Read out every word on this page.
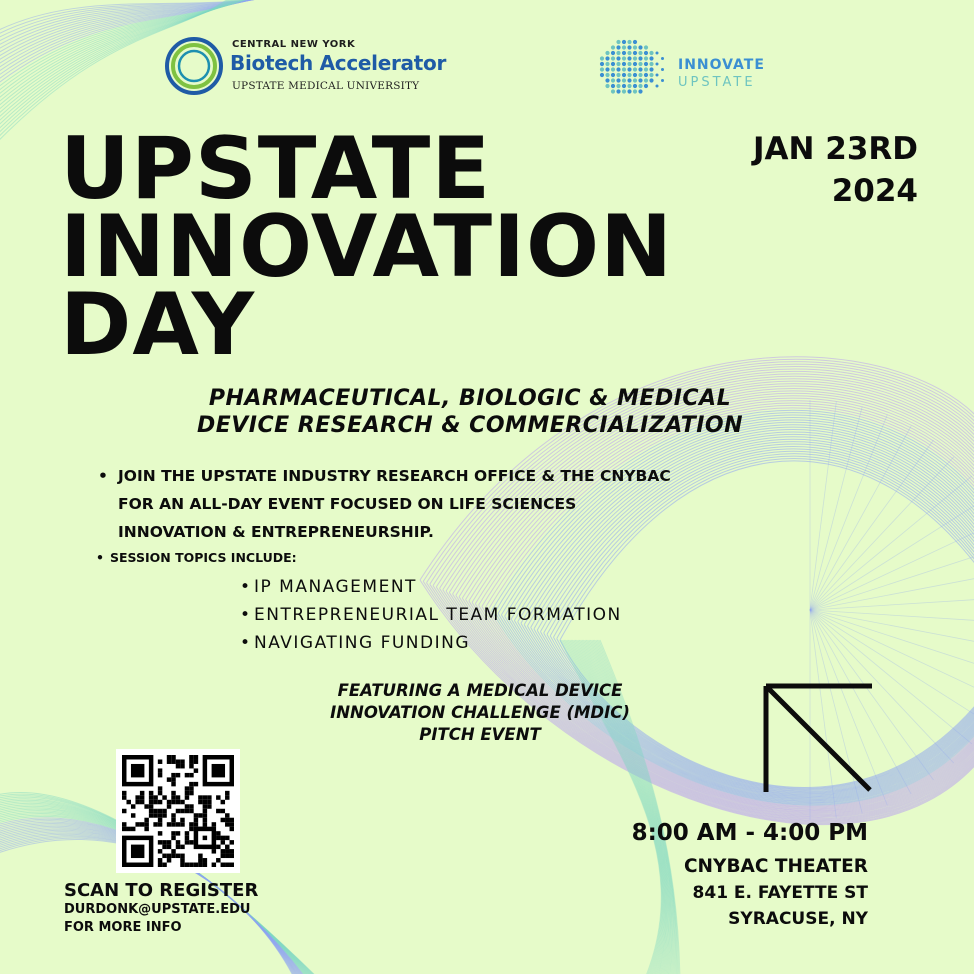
CENTRAL NEW YORK
Biotech Accelerator
UPSTATE MEDICAL UNIVERSITY
INNOVATE
UPSTATE
UPSTATE
INNOVATION
DAY
JAN 23RD
2024
PHARMACEUTICAL, BIOLOGIC & MEDICAL
DEVICE RESEARCH & COMMERCIALIZATION
• JOIN THE UPSTATE INDUSTRY RESEARCH OFFICE & THE CNYBAC
FOR AN ALL-DAY EVENT FOCUSED ON LIFE SCIENCES
INNOVATION & ENTREPRENEURSHIP.
• SESSION TOPICS INCLUDE:
• IP MANAGEMENT
• ENTREPRENEURIAL TEAM FORMATION
• NAVIGATING FUNDING
FEATURING A MEDICAL DEVICE
INNOVATION CHALLENGE (MDIC)
PITCH EVENT
SCAN TO REGISTER
DURDONK@UPSTATE.EDU
FOR MORE INFO
8:00 AM - 4:00 PM
CNYBAC THEATER
841 E. FAYETTE ST
SYRACUSE, NY
